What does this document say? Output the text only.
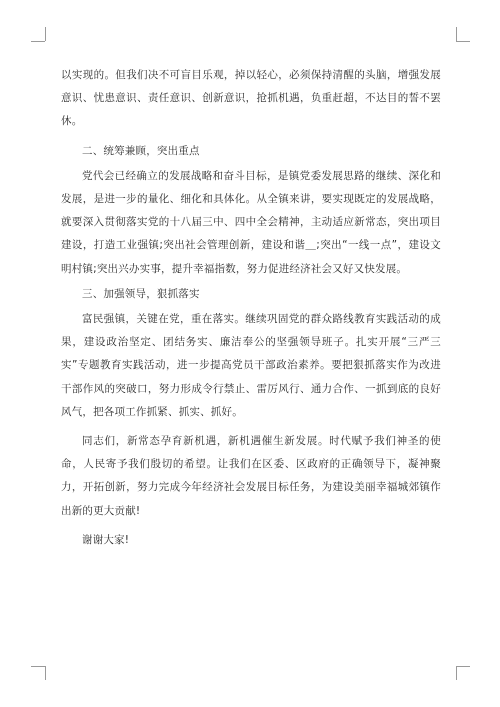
以实现的。但我们决不可盲目乐观，掉以轻心，必须保持清醒的头脑，增强发展意识、忧患意识、责任意识、创新意识，抢抓机遇，负重赶超，不达目的誓不罢休。

二、统筹兼顾，突出重点

党代会已经确立的发展战略和奋斗目标，是镇党委发展思路的继续、深化和发展，是进一步的量化、细化和具体化。从全镇来讲，要实现既定的发展战略，就要深入贯彻落实党的十八届三中、四中全会精神，主动适应新常态，突出项目建设，打造工业强镇;突出社会管理创新，建设和谐＿;突出“一线一点”，建设文明村镇;突出兴办实事，提升幸福指数，努力促进经济社会又好又快发展。

三、加强领导，狠抓落实

富民强镇，关键在党，重在落实。继续巩固党的群众路线教育实践活动的成果，建设政治坚定、团结务实、廉洁奉公的坚强领导班子。扎实开展“三严三实”专题教育实践活动，进一步提高党员干部政治素养。要把狠抓落实作为改进干部作风的突破口，努力形成令行禁止、雷厉风行、通力合作、一抓到底的良好风气，把各项工作抓紧、抓实、抓好。

同志们，新常态孕育新机遇，新机遇催生新发展。时代赋予我们神圣的使命，人民寄予我们殷切的希望。让我们在区委、区政府的正确领导下，凝神聚力，开拓创新，努力完成今年经济社会发展目标任务，为建设美丽幸福城郊镇作出新的更大贡献!

谢谢大家!
